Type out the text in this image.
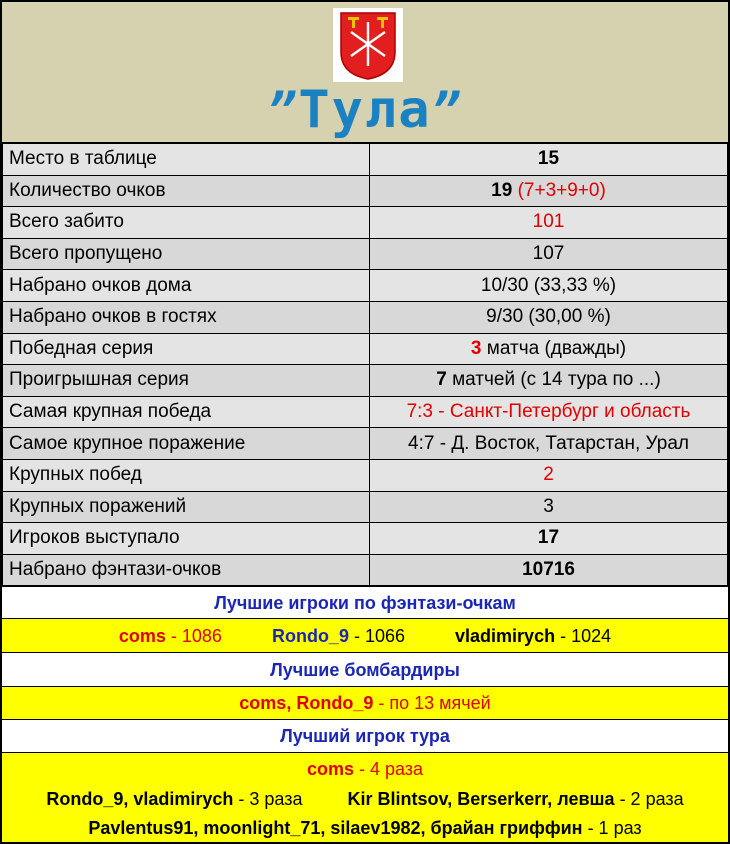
”Тула”
Место в таблице	15
Количество очков	19 (7+3+9+0)
Всего забито	101
Всего пропущено	107
Набрано очков дома	10/30 (33,33 %)
Набрано очков в гостях	9/30 (30,00 %)
Победная серия	3 матча (дважды)
Проигрышная серия	7 матчей (с 14 тура по ...)
Самая крупная победа	7:3 - Санкт-Петербург и область
Самое крупное поражение	4:7 - Д. Восток, Татарстан, Урал
Крупных побед	2
Крупных поражений	3
Игроков выступало	17
Набрано фэнтази-очков	10716
Лучшие игроки по фэнтази-очкам
coms - 1086	Rondo_9 - 1066	vladimirych - 1024
Лучшие бомбардиры
coms, Rondo_9 - по 13 мячей
Лучший игрок тура
coms - 4 раза
Rondo_9, vladimirych - 3 раза	Kir Blintsov, Berserkerr, левша - 2 раза
Pavlentus91, moonlight_71, silaev1982, брайан гриффин - 1 раз
